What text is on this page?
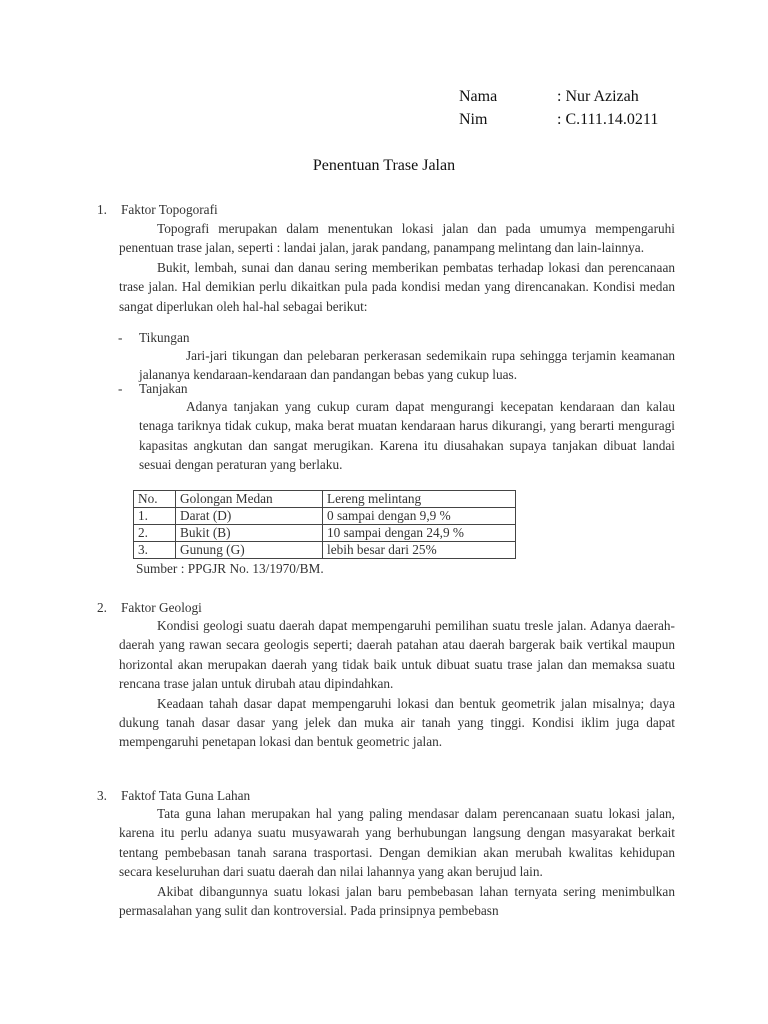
Nama	: Nur Azizah
Nim	: C.111.14.0211
Penentuan Trase Jalan
1. Faktor Topogorafi

Topografi merupakan dalam menentukan lokasi jalan dan pada umumya mempengaruhi penentuan trase jalan, seperti : landai jalan, jarak pandang, panampang melintang dan lain-lainnya.

Bukit, lembah, sunai dan danau sering memberikan pembatas terhadap lokasi dan perencanaan trase jalan. Hal demikian perlu dikaitkan pula pada kondisi medan yang direncanakan. Kondisi medan sangat diperlukan oleh hal-hal sebagai berikut:

- Tikungan

Jari-jari tikungan dan pelebaran perkerasan sedemikain rupa sehingga terjamin keamanan jalananya kendaraan-kendaraan dan pandangan bebas yang cukup luas.

- Tanjakan

Adanya tanjakan yang cukup curam dapat mengurangi kecepatan kendaraan dan kalau tenaga tariknya tidak cukup, maka berat muatan kendaraan harus dikurangi, yang berarti menguragi kapasitas angkutan dan sangat merugikan. Karena itu diusahakan supaya tanjakan dibuat landai sesuai dengan peraturan yang berlaku.

No.	Golongan Medan	Lereng melintang
1.	Darat (D)	0 sampai dengan 9,9 %
2.	Bukit (B)	10 sampai dengan 24,9 %
3.	Gunung (G)	lebih besar dari 25%
Sumber : PPGJR No. 13/1970/BM.
2. Faktor Geologi

Kondisi geologi suatu daerah dapat mempengaruhi pemilihan suatu tresle jalan. Adanya daerah-daerah yang rawan secara geologis seperti; daerah patahan atau daerah bargerak baik vertikal maupun horizontal akan merupakan daerah yang tidak baik untuk dibuat suatu trase jalan dan memaksa suatu rencana trase jalan untuk dirubah atau dipindahkan.

Keadaan tahah dasar dapat mempengaruhi lokasi dan bentuk geometrik jalan misalnya; daya dukung tanah dasar dasar yang jelek dan muka air tanah yang tinggi. Kondisi iklim juga dapat mempengaruhi penetapan lokasi dan bentuk geometric jalan.

3. Faktof Tata Guna Lahan

Tata guna lahan merupakan hal yang paling mendasar dalam perencanaan suatu lokasi jalan, karena itu perlu adanya suatu musyawarah yang berhubungan langsung dengan masyarakat berkait tentang pembebasan tanah sarana trasportasi. Dengan demikian akan merubah kwalitas kehidupan secara keseluruhan dari suatu daerah dan nilai lahannya yang akan berujud lain.

Akibat dibangunnya suatu lokasi jalan baru pembebasan lahan ternyata sering menimbulkan permasalahan yang sulit dan kontroversial. Pada prinsipnya pembebasn
